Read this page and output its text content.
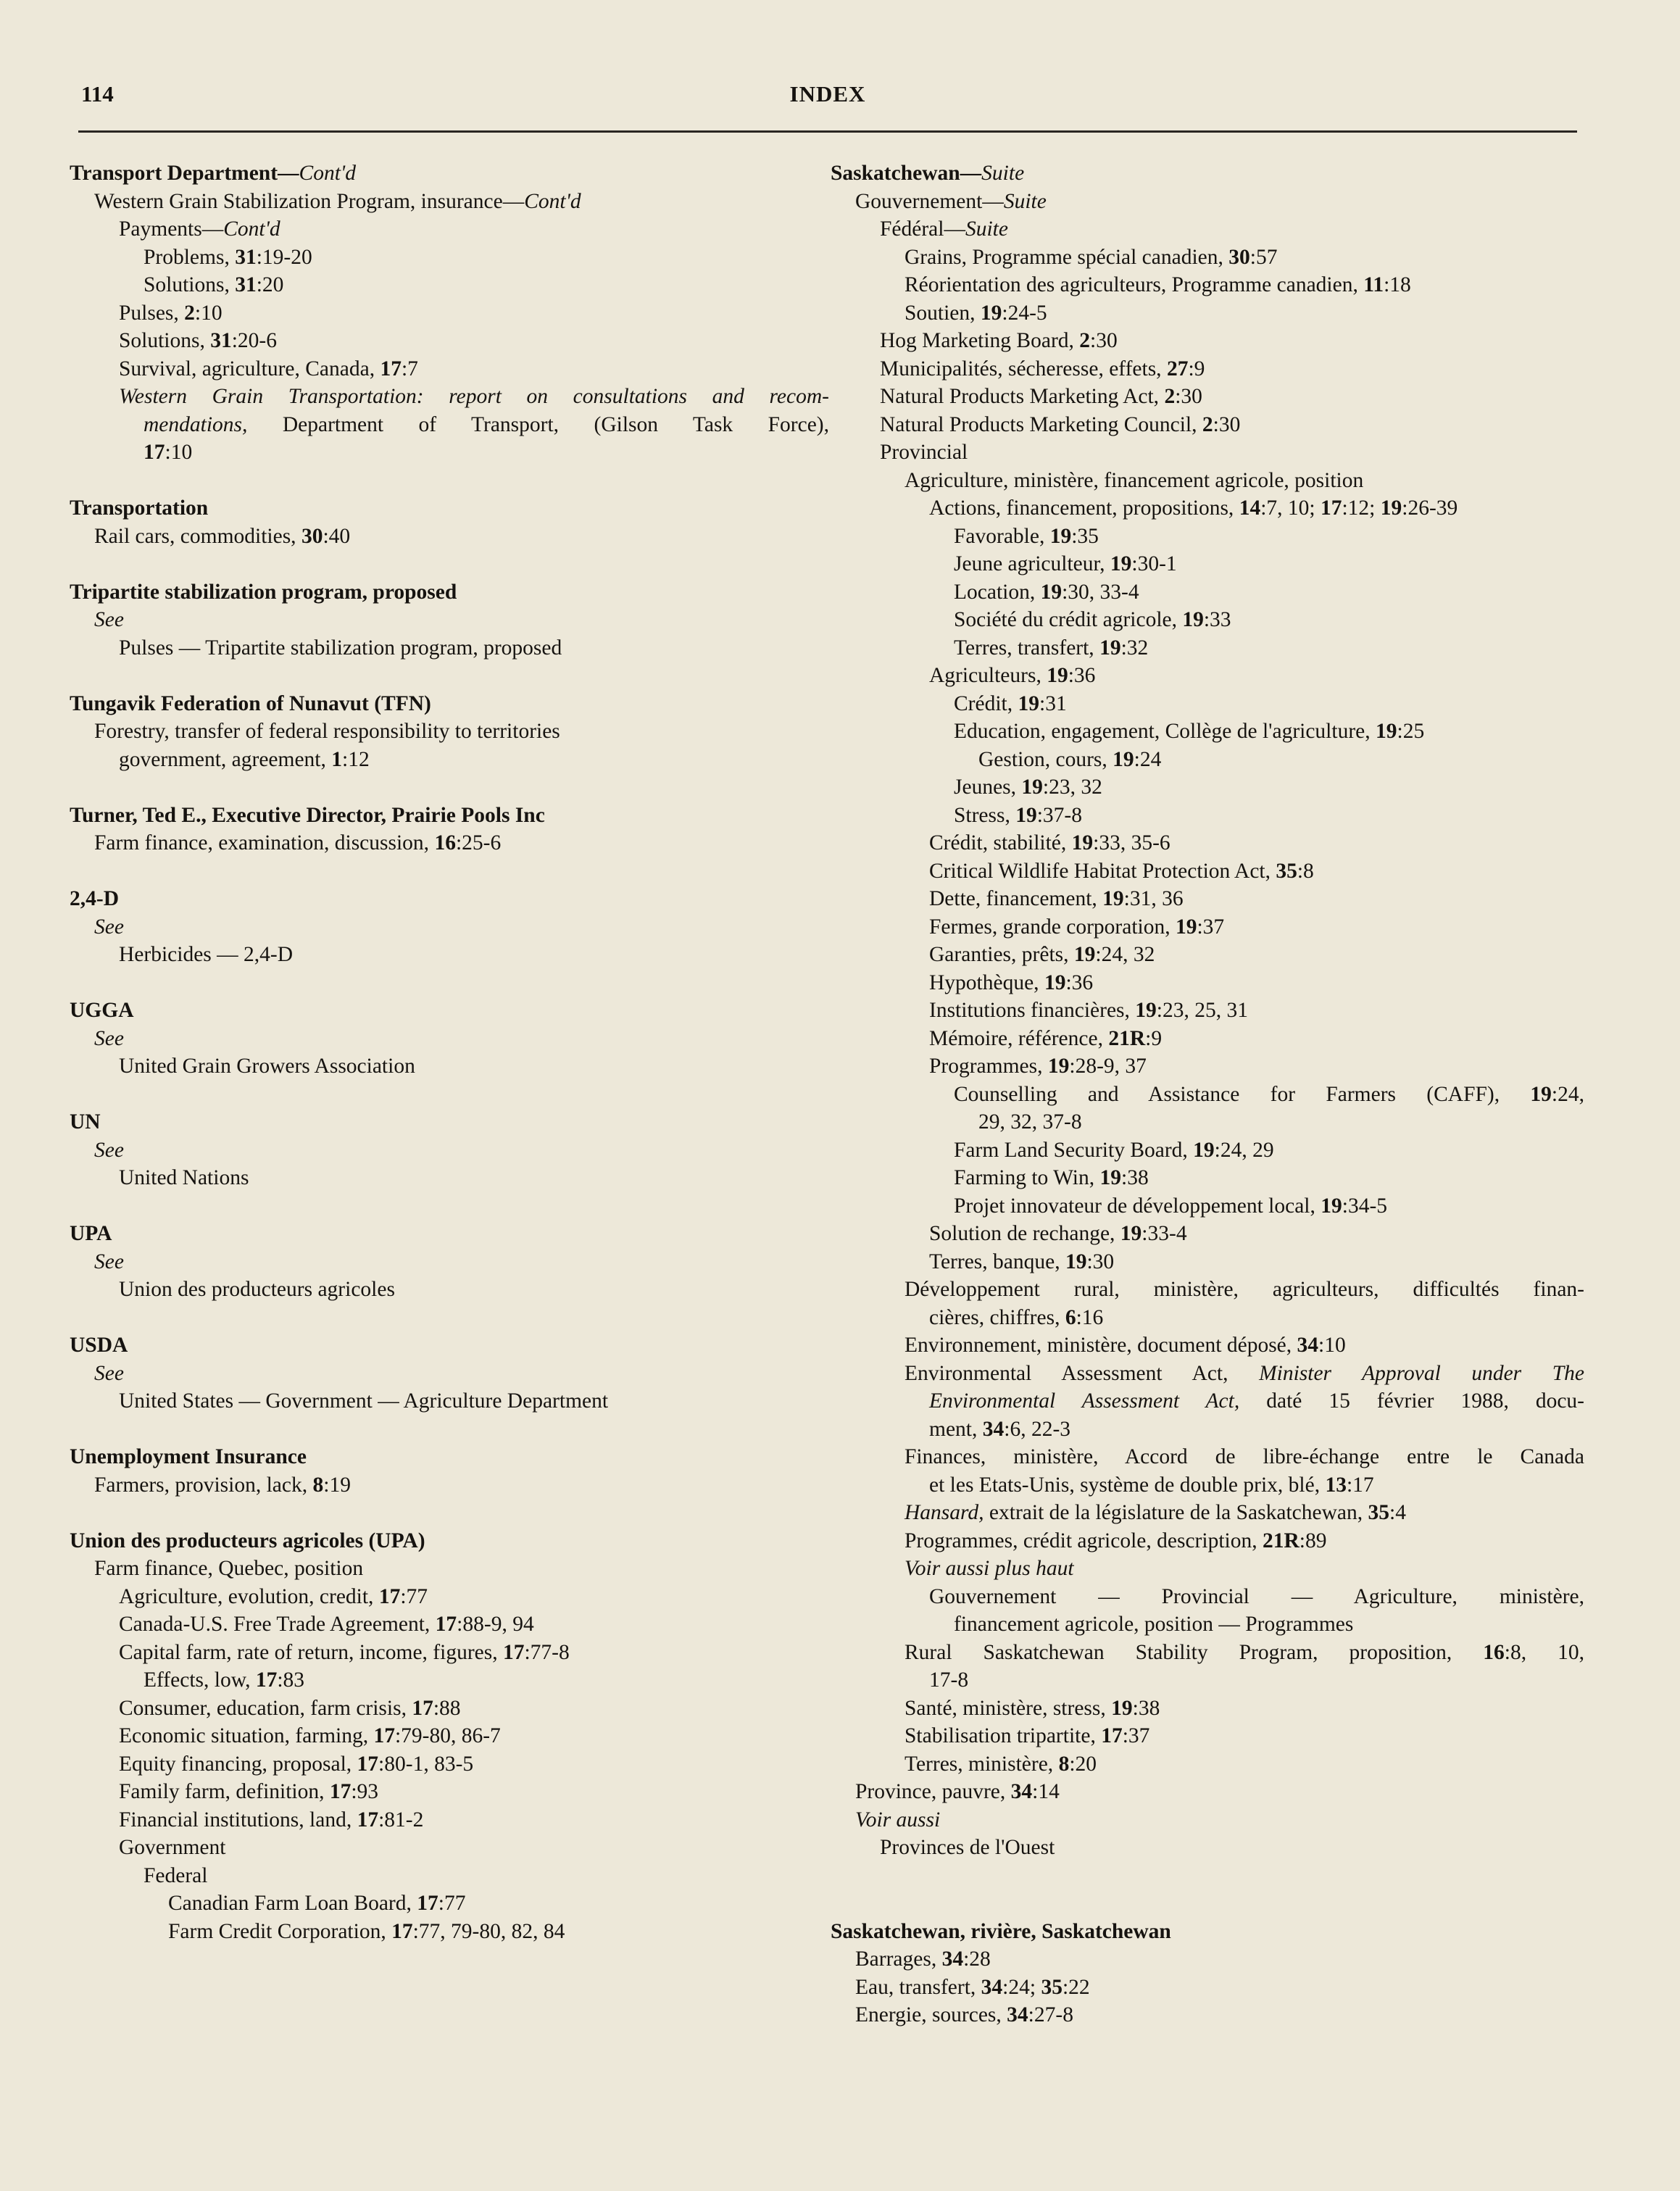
114	INDEX
Transport Department—Cont'd
Western Grain Stabilization Program, insurance—Cont'd
Payments—Cont'd
Problems, 31:19-20
Solutions, 31:20
Pulses, 2:10
Solutions, 31:20-6
Survival, agriculture, Canada, 17:7
Western Grain Transportation: report on consultations and recom-
mendations, Department of Transport, (Gilson Task Force),
17:10
Transportation
Rail cars, commodities, 30:40
Tripartite stabilization program, proposed
See
Pulses — Tripartite stabilization program, proposed
Tungavik Federation of Nunavut (TFN)
Forestry, transfer of federal responsibility to territories
government, agreement, 1:12
Turner, Ted E., Executive Director, Prairie Pools Inc
Farm finance, examination, discussion, 16:25-6
2,4-D
See
Herbicides — 2,4-D
UGGA
See
United Grain Growers Association
UN
See
United Nations
UPA
See
Union des producteurs agricoles
USDA
See
United States — Government — Agriculture Department
Unemployment Insurance
Farmers, provision, lack, 8:19
Union des producteurs agricoles (UPA)
Farm finance, Quebec, position
Agriculture, evolution, credit, 17:77
Canada-U.S. Free Trade Agreement, 17:88-9, 94
Capital farm, rate of return, income, figures, 17:77-8
Effects, low, 17:83
Consumer, education, farm crisis, 17:88
Economic situation, farming, 17:79-80, 86-7
Equity financing, proposal, 17:80-1, 83-5
Family farm, definition, 17:93
Financial institutions, land, 17:81-2
Government
Federal
Canadian Farm Loan Board, 17:77
Farm Credit Corporation, 17:77, 79-80, 82, 84
Saskatchewan—Suite
Gouvernement—Suite
Fédéral—Suite
Grains, Programme spécial canadien, 30:57
Réorientation des agriculteurs, Programme canadien, 11:18
Soutien, 19:24-5
Hog Marketing Board, 2:30
Municipalités, sécheresse, effets, 27:9
Natural Products Marketing Act, 2:30
Natural Products Marketing Council, 2:30
Provincial
Agriculture, ministère, financement agricole, position
Actions, financement, propositions, 14:7, 10; 17:12; 19:26-39
Favorable, 19:35
Jeune agriculteur, 19:30-1
Location, 19:30, 33-4
Société du crédit agricole, 19:33
Terres, transfert, 19:32
Agriculteurs, 19:36
Crédit, 19:31
Education, engagement, Collège de l'agriculture, 19:25
Gestion, cours, 19:24
Jeunes, 19:23, 32
Stress, 19:37-8
Crédit, stabilité, 19:33, 35-6
Critical Wildlife Habitat Protection Act, 35:8
Dette, financement, 19:31, 36
Fermes, grande corporation, 19:37
Garanties, prêts, 19:24, 32
Hypothèque, 19:36
Institutions financières, 19:23, 25, 31
Mémoire, référence, 21R:9
Programmes, 19:28-9, 37
Counselling and Assistance for Farmers (CAFF), 19:24,
29, 32, 37-8
Farm Land Security Board, 19:24, 29
Farming to Win, 19:38
Projet innovateur de développement local, 19:34-5
Solution de rechange, 19:33-4
Terres, banque, 19:30
Développement rural, ministère, agriculteurs, difficultés finan-
cières, chiffres, 6:16
Environnement, ministère, document déposé, 34:10
Environmental Assessment Act, Minister Approval under The
Environmental Assessment Act, daté 15 février 1988, docu-
ment, 34:6, 22-3
Finances, ministère, Accord de libre-échange entre le Canada
et les Etats-Unis, système de double prix, blé, 13:17
Hansard, extrait de la législature de la Saskatchewan, 35:4
Programmes, crédit agricole, description, 21R:89
Voir aussi plus haut
Gouvernement — Provincial — Agriculture, ministère,
financement agricole, position — Programmes
Rural Saskatchewan Stability Program, proposition, 16:8, 10,
17-8
Santé, ministère, stress, 19:38
Stabilisation tripartite, 17:37
Terres, ministère, 8:20
Province, pauvre, 34:14
Voir aussi
Provinces de l'Ouest
Saskatchewan, rivière, Saskatchewan
Barrages, 34:28
Eau, transfert, 34:24; 35:22
Energie, sources, 34:27-8
